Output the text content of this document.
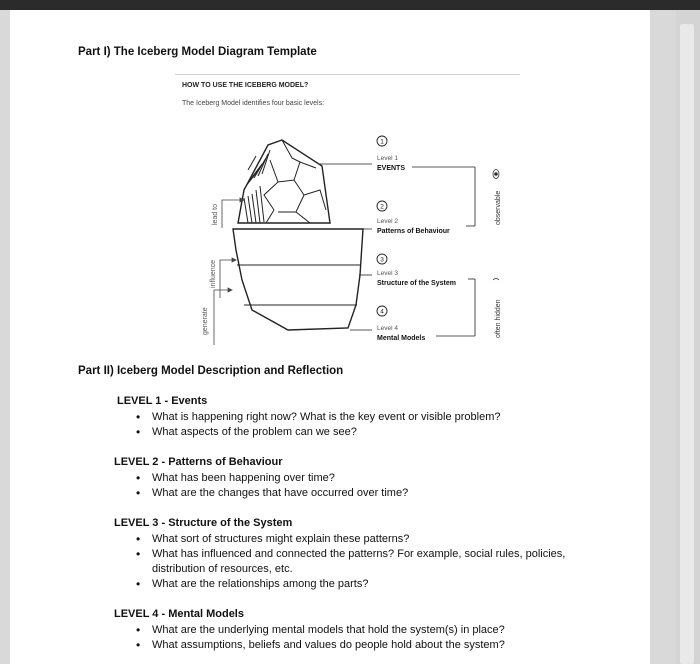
Part I) The Iceberg Model Diagram Template
HOW TO USE THE ICEBERG MODEL?
The Iceberg Model identifies four basic levels:
lead to
influence
generate
1
2
3
4
Level 1
EVENTS
Level 2
Patterns of Behaviour
Level 3
Structure of the System
Level 4
Mental Models
observable
often hidden
Part II) Iceberg Model Description and Reflection
LEVEL 1 - Events
• What is happening right now? What is the key event or visible problem?
• What aspects of the problem can we see?
LEVEL 2 - Patterns of Behaviour
• What has been happening over time?
• What are the changes that have occurred over time?
LEVEL 3 - Structure of the System
• What sort of structures might explain these patterns?
• What has influenced and connected the patterns? For example, social rules, policies, distribution of resources, etc.
• What are the relationships among the parts?
LEVEL 4 - Mental Models
• What are the underlying mental models that hold the system(s) in place?
• What assumptions, beliefs and values do people hold about the system?
